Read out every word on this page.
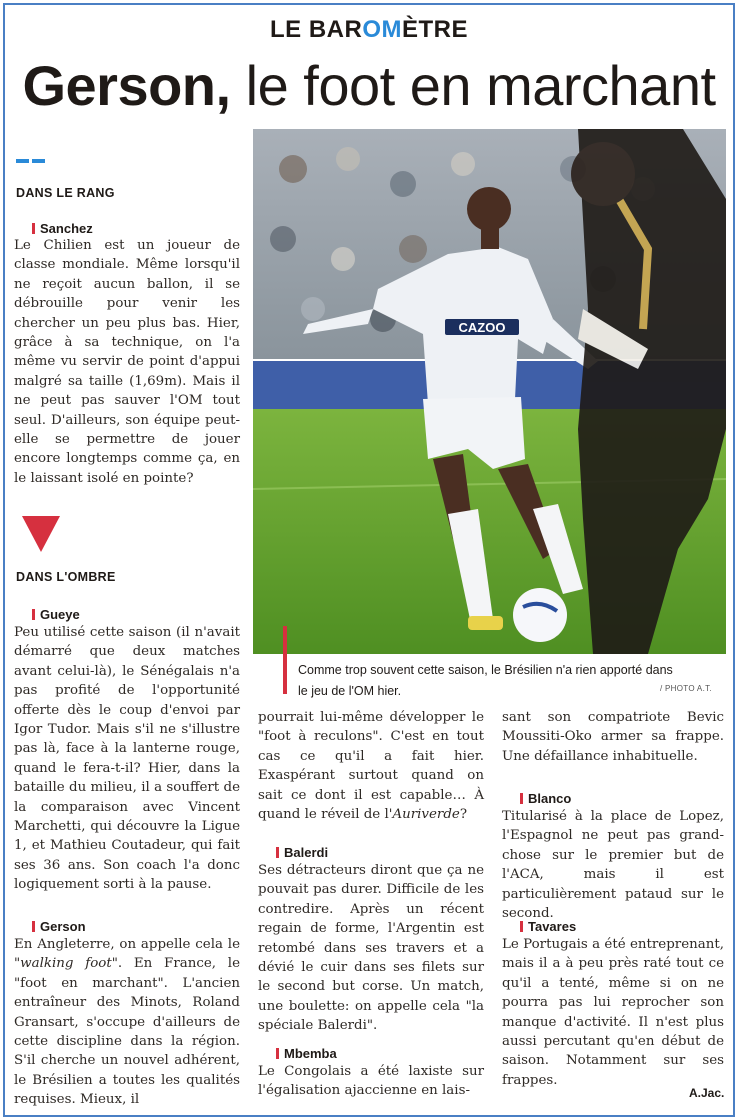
LE BAROMÈTRE
Gerson, le foot en marchant
DANS LE RANG
Sanchez
Le Chilien est un joueur de classe mondiale. Même lorsqu'il ne reçoit aucun ballon, il se débrouille pour venir les chercher un peu plus bas. Hier, grâce à sa technique, on l'a même vu servir de point d'appui malgré sa taille (1,69m). Mais il ne peut pas sauver l'OM tout seul. D'ailleurs, son équipe peut-elle se permettre de jouer encore longtemps comme ça, en le laissant isolé en pointe?
DANS L'OMBRE
Gueye
Peu utilisé cette saison (il n'avait démarré que deux matches avant celui-là), le Sénégalais n'a pas profité de l'opportunité offerte dès le coup d'envoi par Igor Tudor. Mais s'il ne s'illustre pas là, face à la lanterne rouge, quand le fera-t-il? Hier, dans la bataille du milieu, il a souffert de la comparaison avec Vincent Marchetti, qui découvre la Ligue 1, et Mathieu Coutadeur, qui fait ses 36 ans. Son coach l'a donc logiquement sorti à la pause.
Gerson
En Angleterre, on appelle cela le "walking foot". En France, le "foot en marchant". L'ancien entraîneur des Minots, Roland Gransart, s'occupe d'ailleurs de cette discipline dans la région. S'il cherche un nouvel adhérent, le Brésilien a toutes les qualités requises. Mieux, il
CAZOO
Comme trop souvent cette saison, le Brésilien n'a rien apporté dans le jeu de l'OM hier.	/ PHOTO A.T.
pourrait lui-même développer le "foot à reculons". C'est en tout cas ce qu'il a fait hier. Exaspérant surtout quand on sait ce dont il est capable… À quand le réveil de l'Auriverde?
Balerdi
Ses détracteurs diront que ça ne pouvait pas durer. Difficile de les contredire. Après un récent regain de forme, l'Argentin est retombé dans ses travers et a dévié le cuir dans ses filets sur le second but corse. Un match, une boulette: on appelle cela "la spéciale Balerdi".
Mbemba
Le Congolais a été laxiste sur l'égalisation ajaccienne en lais-
sant son compatriote Bevic Moussiti-Oko armer sa frappe. Une défaillance inhabituelle.
Blanco
Titularisé à la place de Lopez, l'Espagnol ne peut pas grand-chose sur le premier but de l'ACA, mais il est particulièrement pataud sur le second.
Tavares
Le Portugais a été entreprenant, mais il a à peu près raté tout ce qu'il a tenté, même si on ne pourra pas lui reprocher son manque d'activité. Il n'est plus aussi percutant qu'en début de saison. Notamment sur ses frappes.
A.Jac.
